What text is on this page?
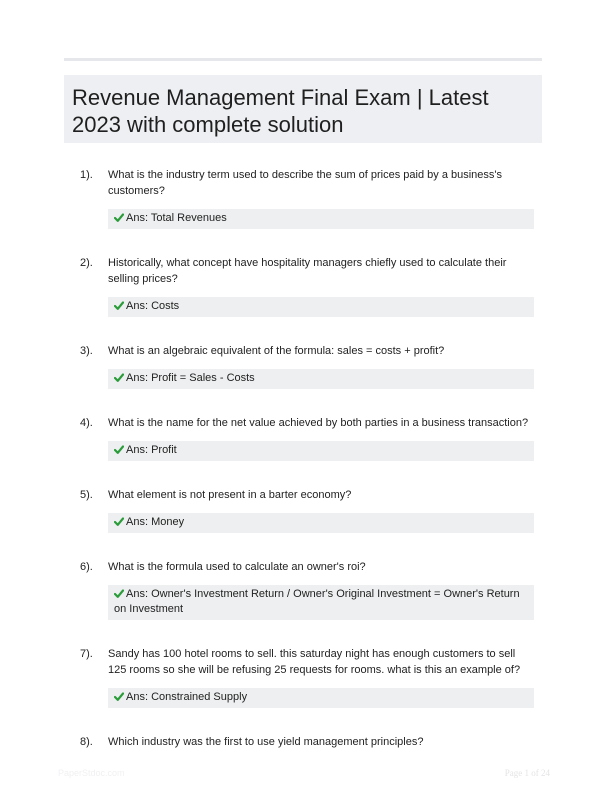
Revenue Management Final Exam | Latest 2023 with complete solution
1).	What is the industry term used to describe the sum of prices paid by a business's customers?
Ans: Total Revenues
2).	Historically, what concept have hospitality managers chiefly used to calculate their selling prices?
Ans: Costs
3).	What is an algebraic equivalent of the formula: sales = costs + profit?
Ans: Profit = Sales - Costs
4).	What is the name for the net value achieved by both parties in a business transaction?
Ans: Profit
5).	What element is not present in a barter economy?
Ans: Money
6).	What is the formula used to calculate an owner's roi?
Ans: Owner's Investment Return / Owner's Original Investment = Owner's Return on Investment
7).	Sandy has 100 hotel rooms to sell. this saturday night has enough customers to sell 125 rooms so she will be refusing 25 requests for rooms. what is this an example of?
Ans: Constrained Supply
8).	Which industry was the first to use yield management principles?
PaperStdoc.com	Page 1 of 24
